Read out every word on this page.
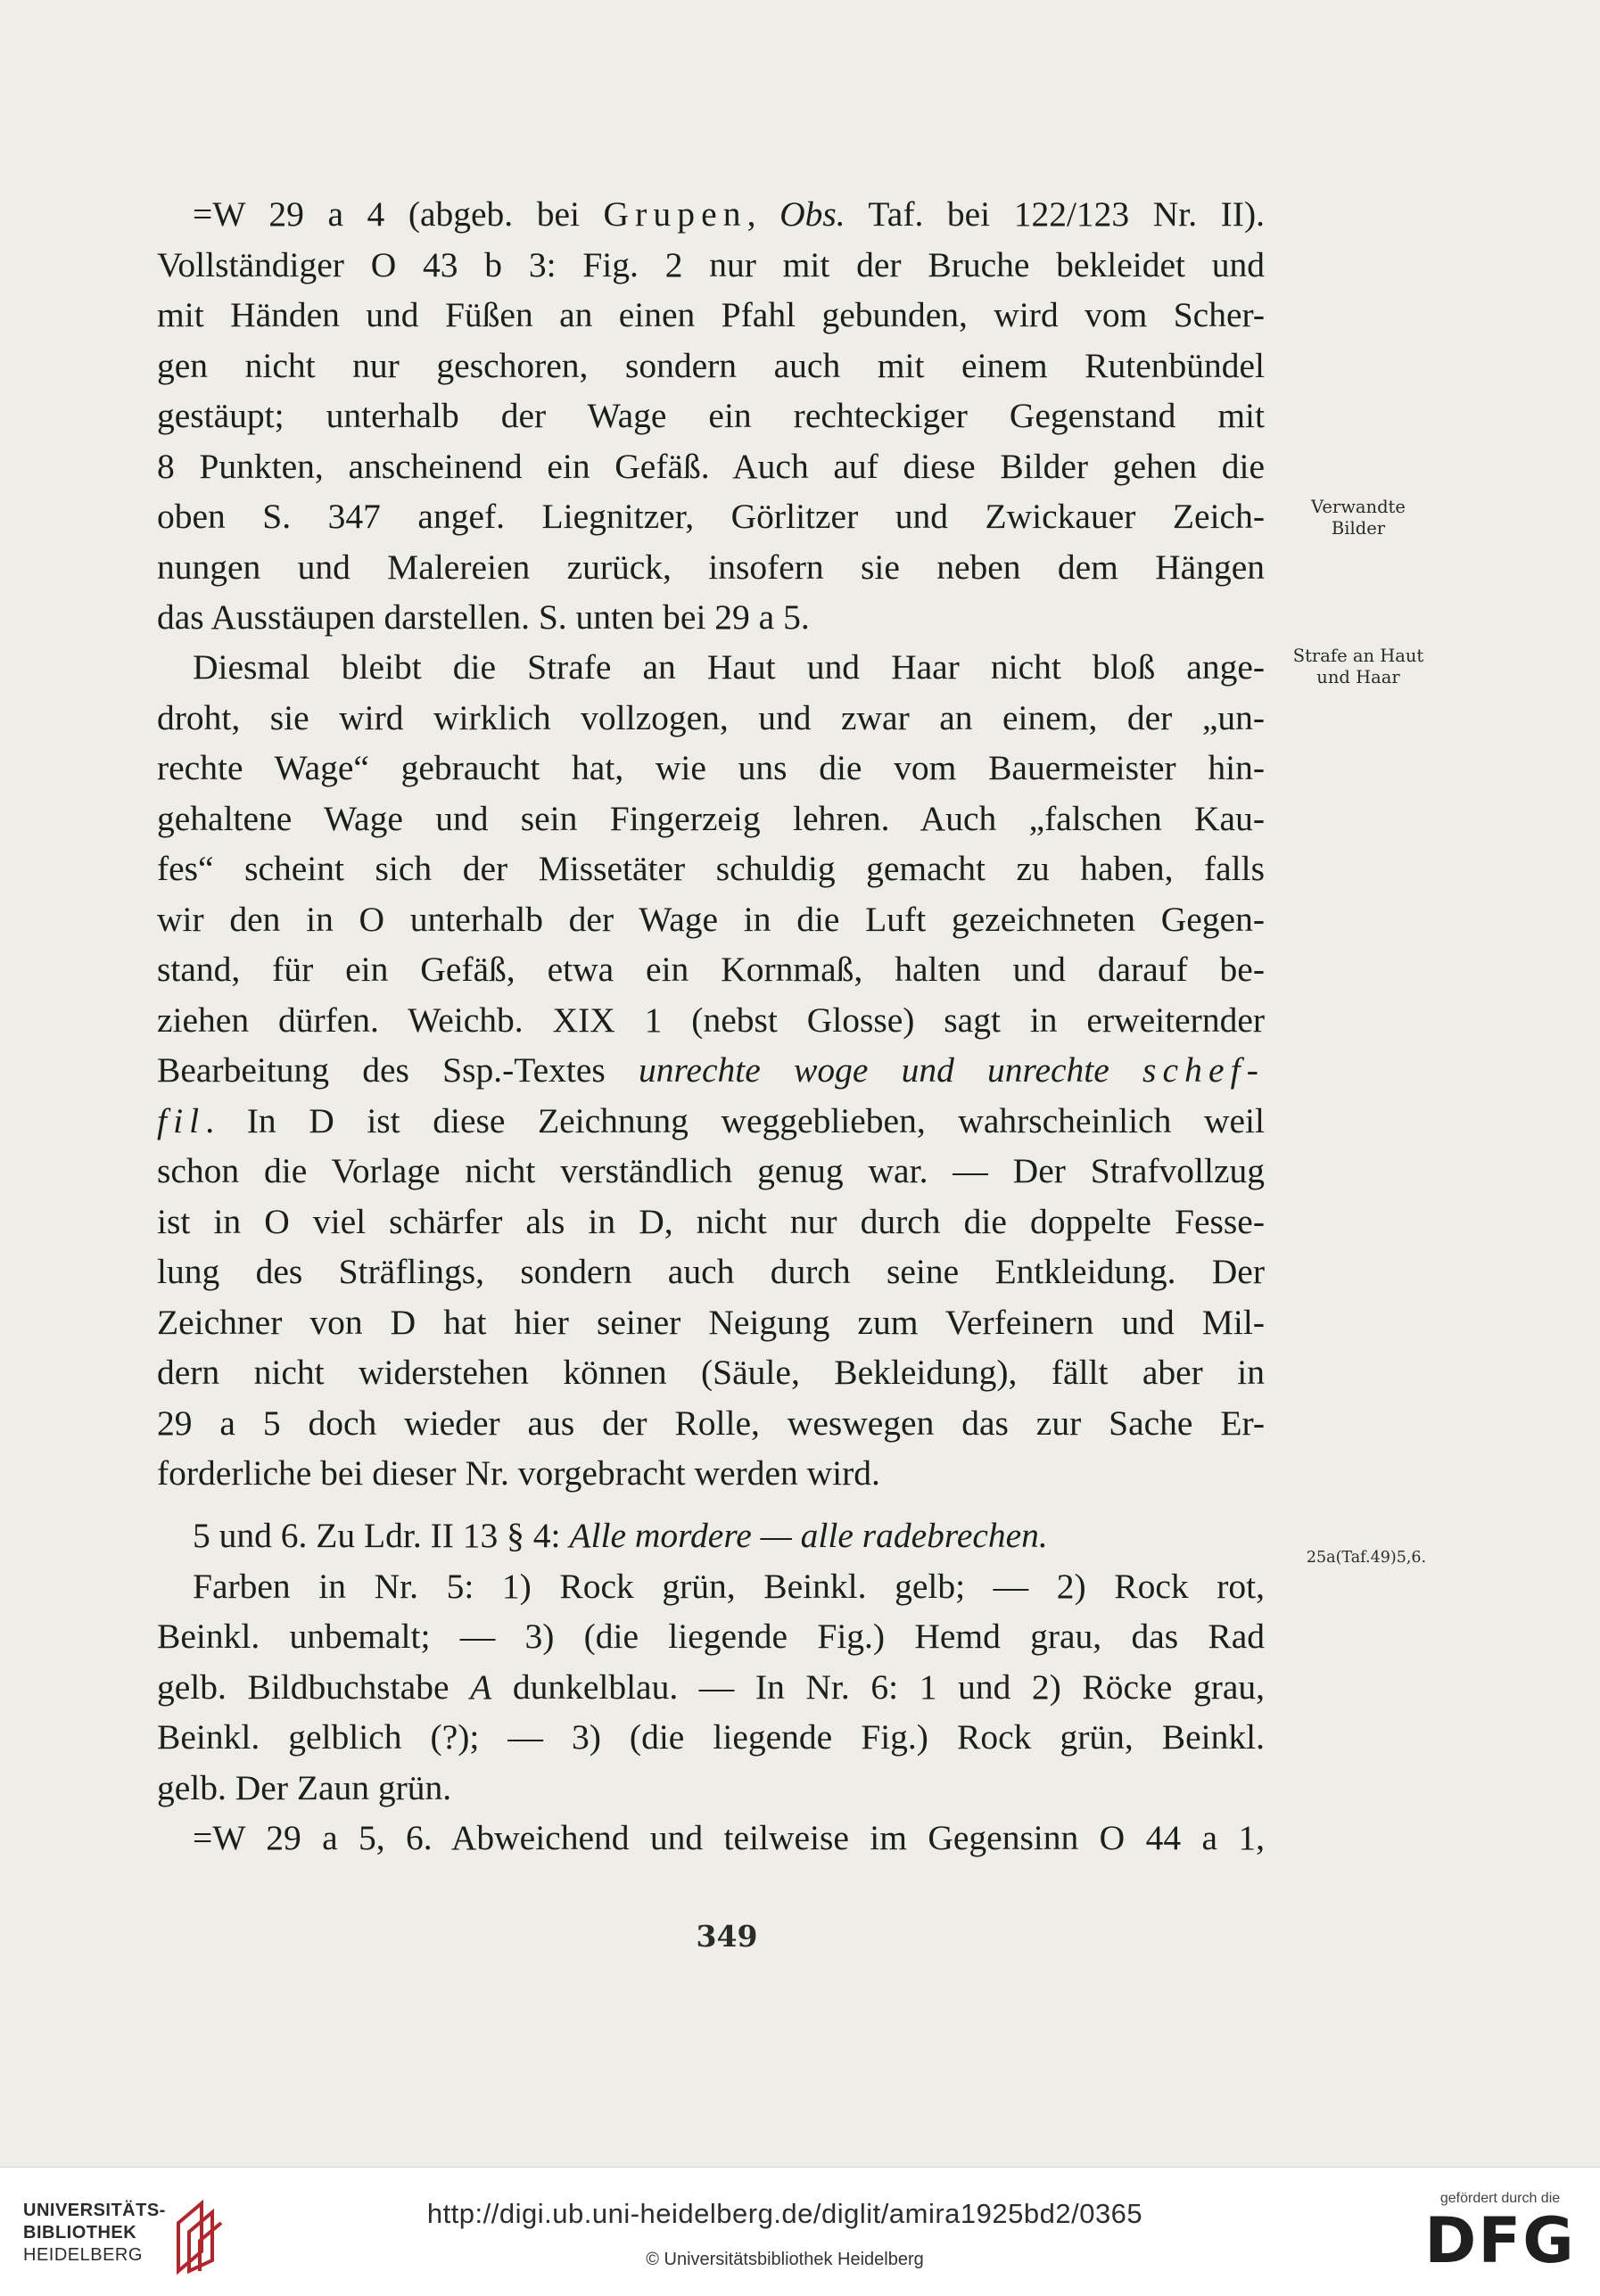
=W 29 a 4 (abgeb. bei Grupen, Obs. Taf. bei 122/123 Nr. II).
Vollständiger O 43 b 3: Fig. 2 nur mit der Bruche bekleidet und
mit Händen und Füßen an einen Pfahl gebunden, wird vom Scher-
gen nicht nur geschoren, sondern auch mit einem Rutenbündel
gestäupt; unterhalb der Wage ein rechteckiger Gegenstand mit
8 Punkten, anscheinend ein Gefäß. Auch auf diese Bilder gehen die
oben S. 347 angef. Liegnitzer, Görlitzer und Zwickauer Zeich-
nungen und Malereien zurück, insofern sie neben dem Hängen
das Ausstäupen darstellen. S. unten bei 29 a 5.
Diesmal bleibt die Strafe an Haut und Haar nicht bloß ange-
droht, sie wird wirklich vollzogen, und zwar an einem, der „un-
rechte Wage“ gebraucht hat, wie uns die vom Bauermeister hin-
gehaltene Wage und sein Fingerzeig lehren. Auch „falschen Kau-
fes“ scheint sich der Missetäter schuldig gemacht zu haben, falls
wir den in O unterhalb der Wage in die Luft gezeichneten Gegen-
stand, für ein Gefäß, etwa ein Kornmaß, halten und darauf be-
ziehen dürfen. Weichb. XIX 1 (nebst Glosse) sagt in erweiternder
Bearbeitung des Ssp.-Textes unrechte woge und unrechte schef-
fil. In D ist diese Zeichnung weggeblieben, wahrscheinlich weil
schon die Vorlage nicht verständlich genug war. — Der Strafvollzug
ist in O viel schärfer als in D, nicht nur durch die doppelte Fesse-
lung des Sträflings, sondern auch durch seine Entkleidung. Der
Zeichner von D hat hier seiner Neigung zum Verfeinern und Mil-
dern nicht widerstehen können (Säule, Bekleidung), fällt aber in
29 a 5 doch wieder aus der Rolle, weswegen das zur Sache Er-
forderliche bei dieser Nr. vorgebracht werden wird.
5 und 6. Zu Ldr. II 13 § 4: Alle mordere — alle radebrechen.
Farben in Nr. 5: 1) Rock grün, Beinkl. gelb; — 2) Rock rot,
Beinkl. unbemalt; — 3) (die liegende Fig.) Hemd grau, das Rad
gelb. Bildbuchstabe A dunkelblau. — In Nr. 6: 1 und 2) Röcke grau,
Beinkl. gelblich (?); — 3) (die liegende Fig.) Rock grün, Beinkl.
gelb. Der Zaun grün.
=W 29 a 5, 6. Abweichend und teilweise im Gegensinn O 44 a 1,
Verwandte
Bilder
Strafe an Haut
und Haar
25a(Taf.49)5,6.
349
UNIVERSITÄTS-
BIBLIOTHEK
HEIDELBERG
http://digi.ub.uni-heidelberg.de/diglit/amira1925bd2/0365
© Universitätsbibliothek Heidelberg
gefördert durch die
DFG
